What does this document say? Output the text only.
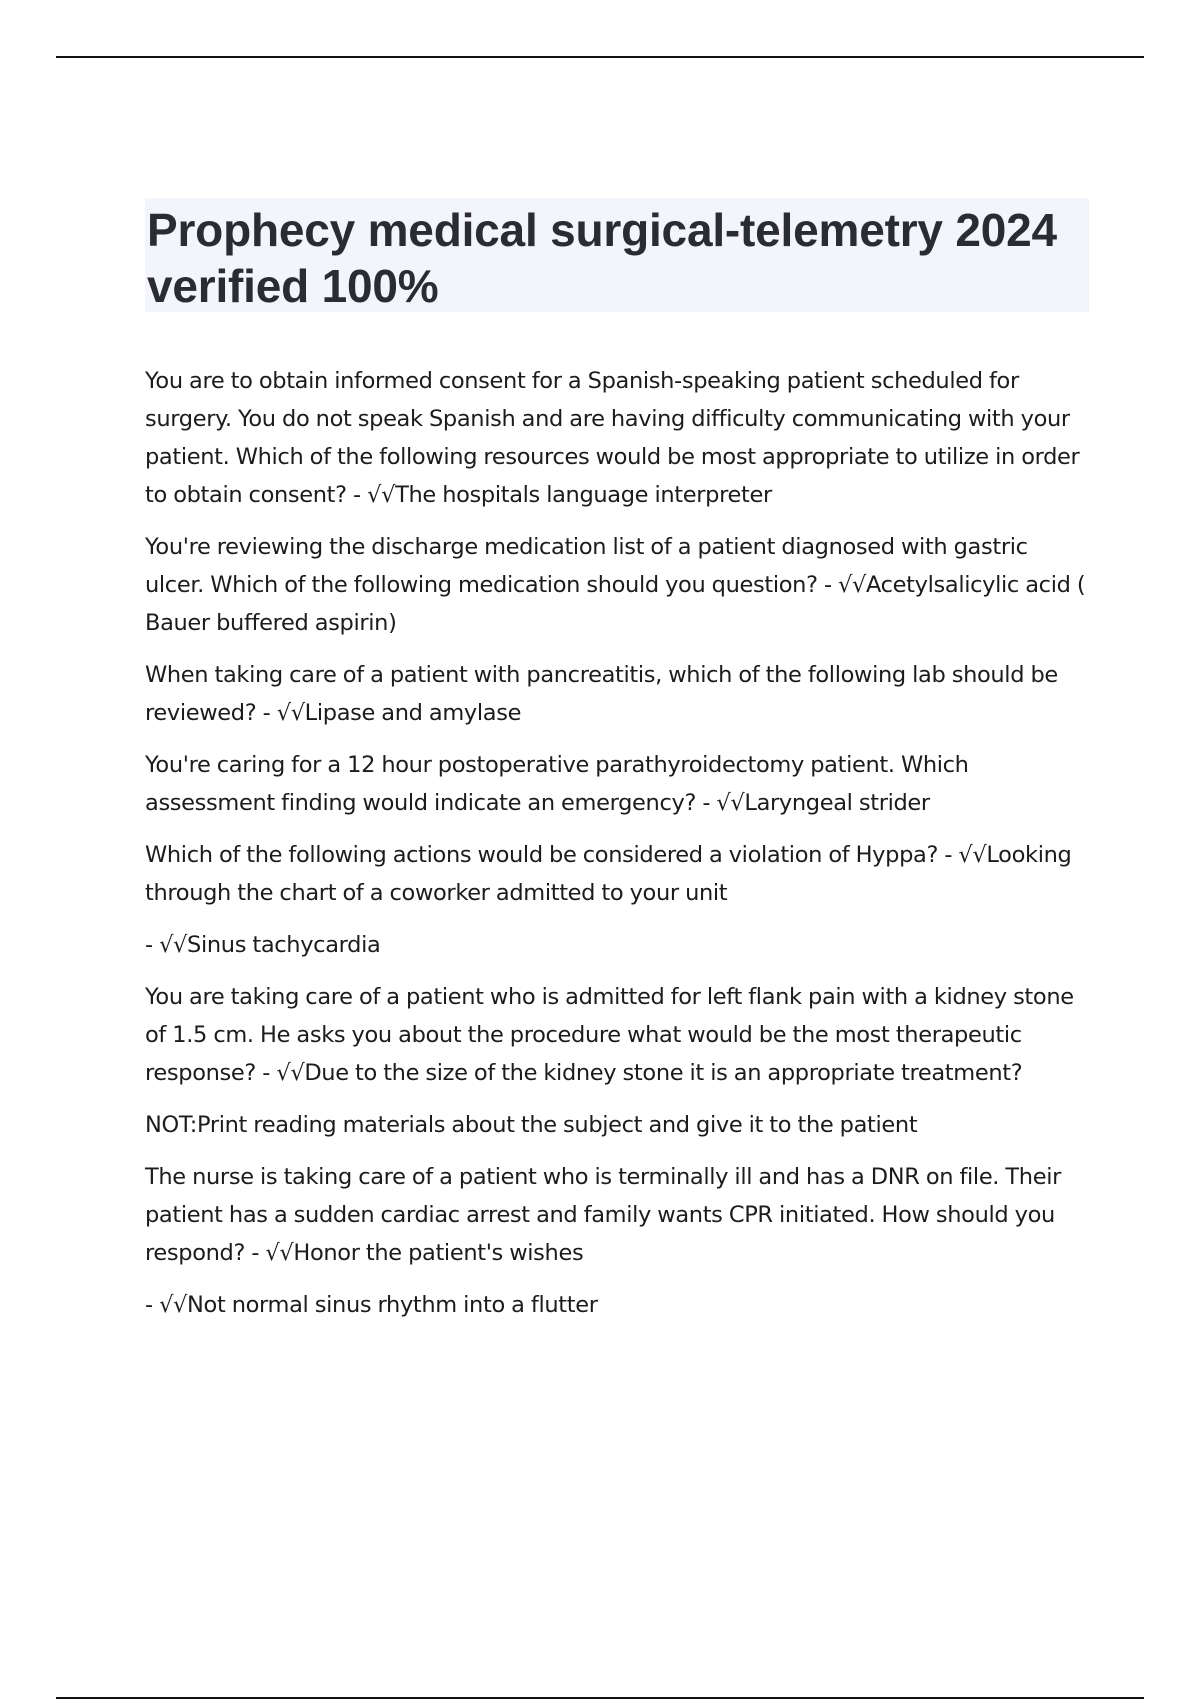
Prophecy medical surgical-telemetry 2024 verified 100%

You are to obtain informed consent for a Spanish-speaking patient scheduled for surgery. You do not speak Spanish and are having difficulty communicating with your patient. Which of the following resources would be most appropriate to utilize in order to obtain consent? - √√The hospitals language interpreter

You're reviewing the discharge medication list of a patient diagnosed with gastric ulcer. Which of the following medication should you question? - √√Acetylsalicylic acid ( Bauer buffered aspirin)

When taking care of a patient with pancreatitis, which of the following lab should be reviewed? - √√Lipase and amylase

You're caring for a 12 hour postoperative parathyroidectomy patient. Which assessment finding would indicate an emergency? - √√Laryngeal strider

Which of the following actions would be considered a violation of Hyppa? - √√Looking through the chart of a coworker admitted to your unit

- √√Sinus tachycardia

You are taking care of a patient who is admitted for left flank pain with a kidney stone of 1.5 cm. He asks you about the procedure what would be the most therapeutic response? - √√Due to the size of the kidney stone it is an appropriate treatment?

NOT:Print reading materials about the subject and give it to the patient

The nurse is taking care of a patient who is terminally ill and has a DNR on file. Their patient has a sudden cardiac arrest and family wants CPR initiated. How should you respond? - √√Honor the patient's wishes

- √√Not normal sinus rhythm into a flutter
